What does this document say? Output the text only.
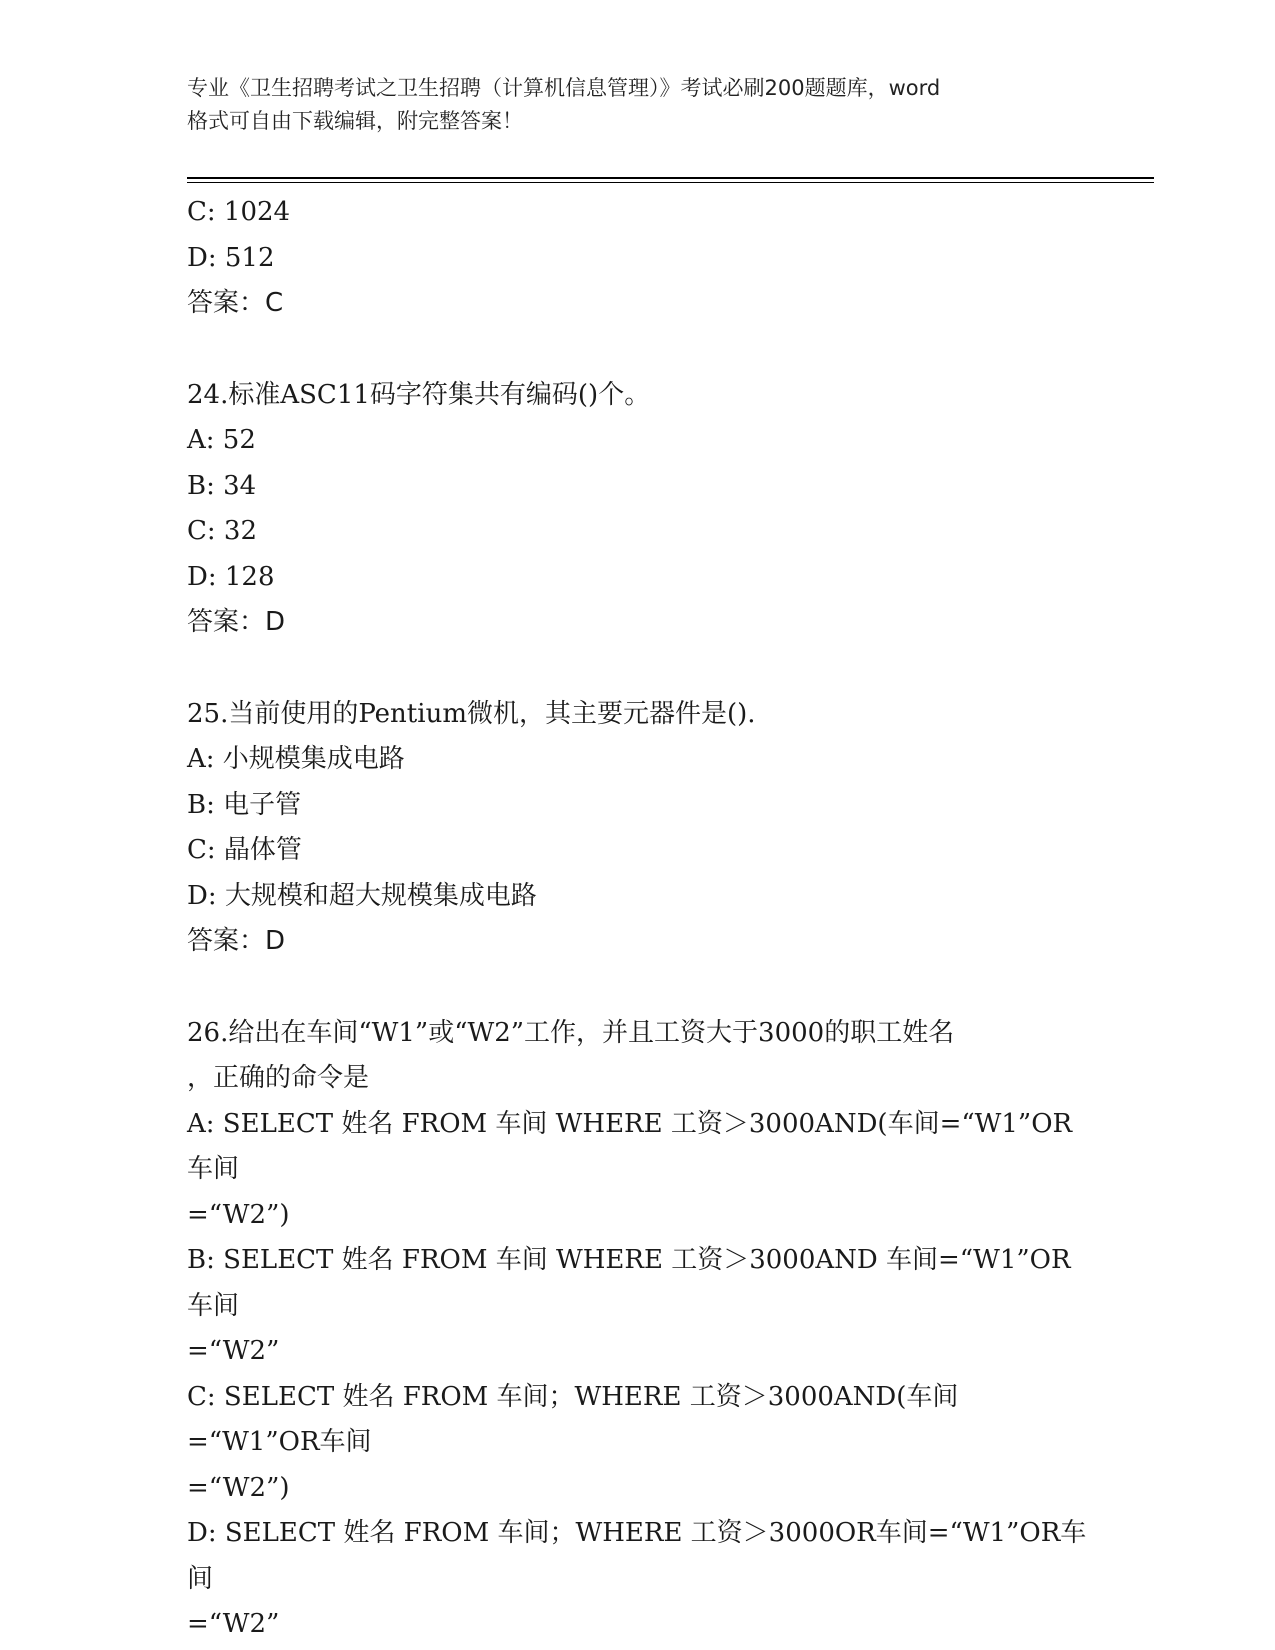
专业《卫生招聘考试之卫生招聘（计算机信息管理）》考试必刷200题题库，word
格式可自由下载编辑，附完整答案！
C: 1024
D: 512
答案：C
24.标准ASC11码字符集共有编码()个。
A: 52
B: 34
C: 32
D: 128
答案：D
25.当前使用的Pentium微机，其主要元器件是().
A: 小规模集成电路
B: 电子管
C: 晶体管
D: 大规模和超大规模集成电路
答案：D
26.给出在车间“W1”或“W2”工作，并且工资大于3000的职工姓名
，正确的命令是
A: SELECT 姓名 FROM 车间 WHERE 工资＞3000AND(车间=“W1”OR车间
=“W2”)
B: SELECT 姓名 FROM 车间 WHERE 工资＞3000AND 车间=“W1”OR车间
=“W2”
C: SELECT 姓名 FROM 车间；WHERE 工资＞3000AND(车间=“W1”OR车间
=“W2”)
D: SELECT 姓名 FROM 车间；WHERE 工资＞3000OR车间=“W1”OR车间
=“W2”
